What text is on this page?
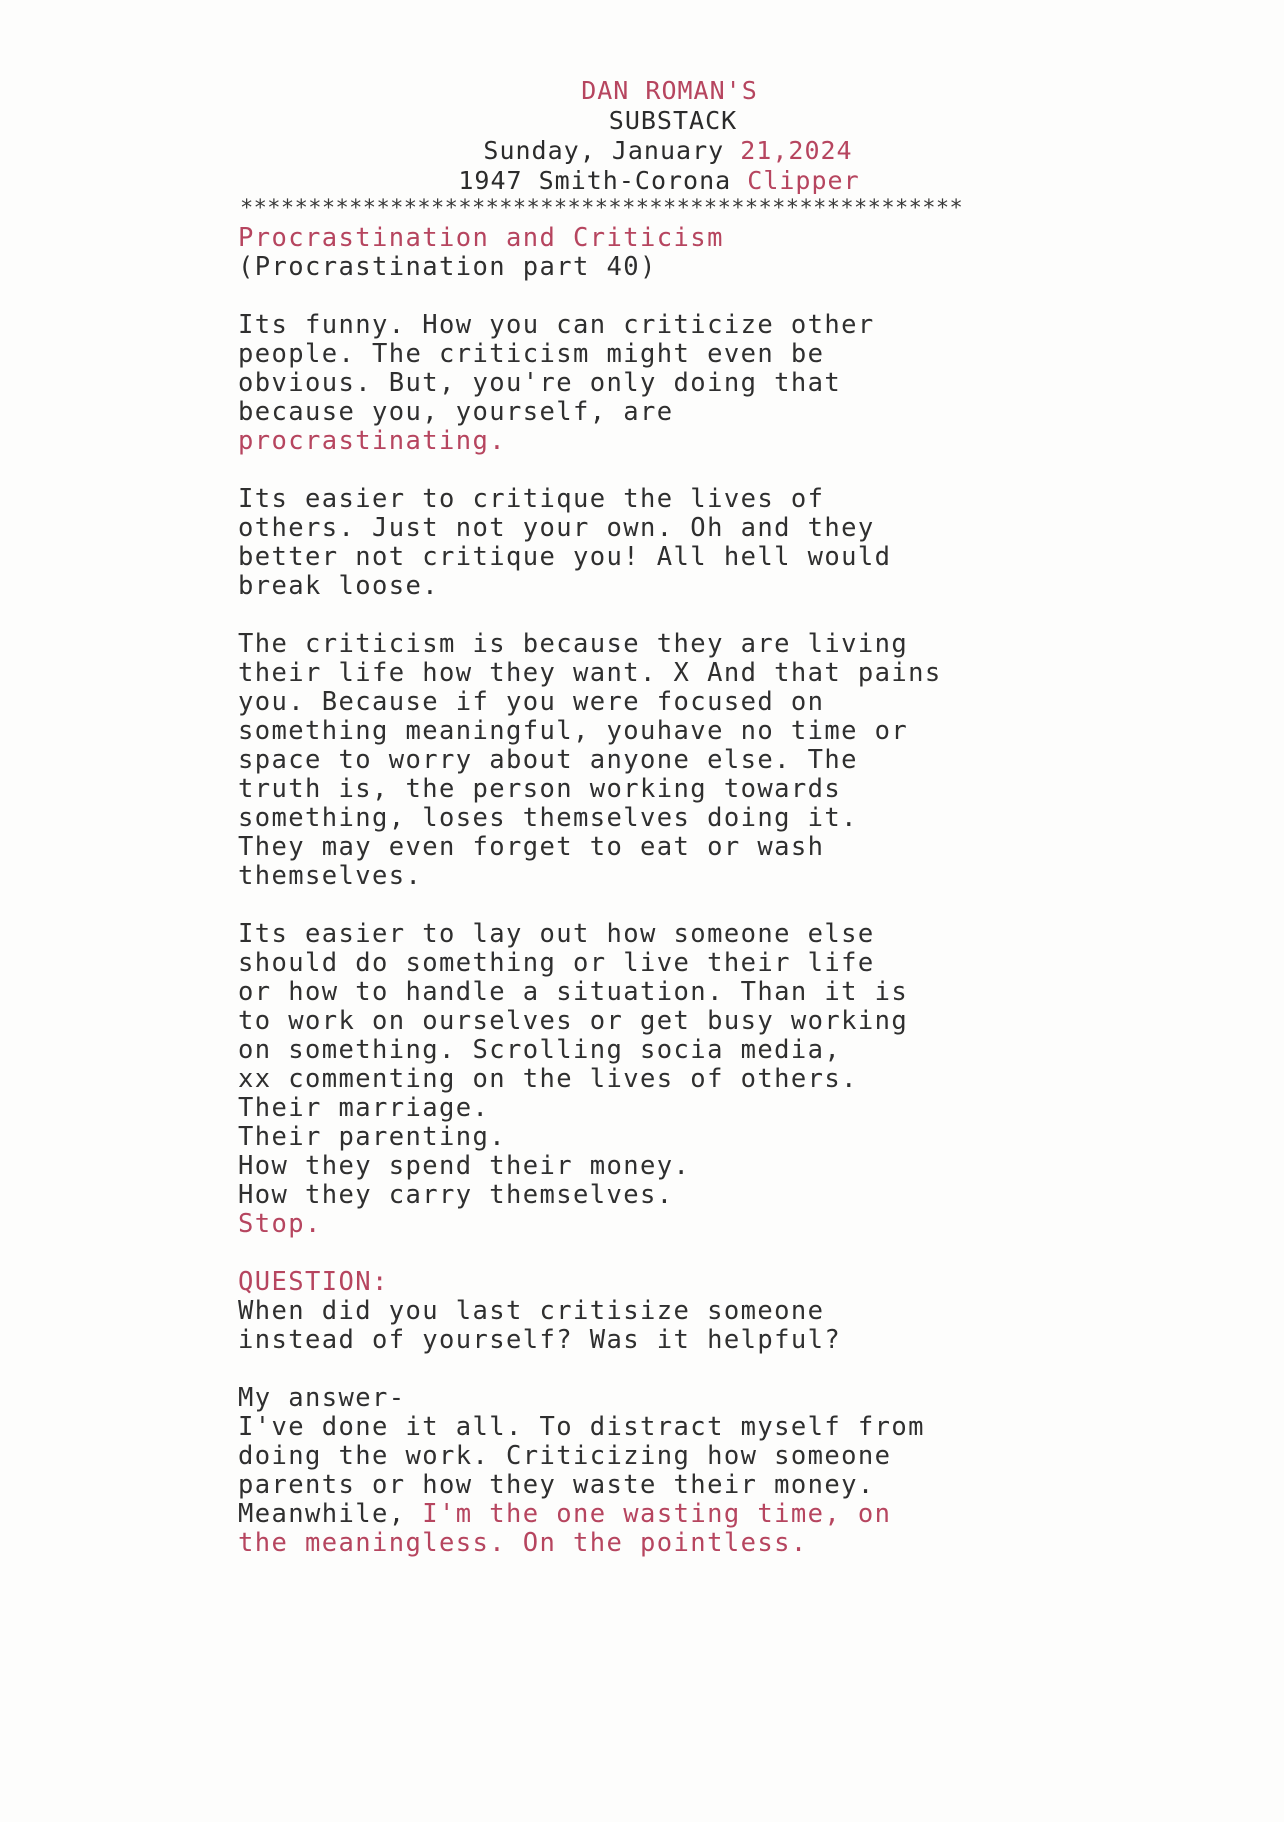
DAN ROMAN'S
SUBSTACK
Sunday, January 21,2024
1947 Smith-Corona Clipper
*****************************************************
Procrastination and Criticism
(Procrastination part 40)
Its funny. How you can criticize other
people. The criticism might even be
obvious. But, you're only doing that
because you, yourself, are
procrastinating.
Its easier to critique the lives of
others. Just not your own. Oh and they
better not critique you! All hell would
break loose.
The criticism is because they are living
their life how they want. X And that pains
you. Because if you were focused on
something meaningful, youhave no time or
space to worry about anyone else. The
truth is, the person working towards
something, loses themselves doing it.
They may even forget to eat or wash
themselves.
Its easier to lay out how someone else
should do something or live their life
or how to handle a situation. Than it is
to work on ourselves or get busy working
on something. Scrolling socia media,
xx commenting on the lives of others.
Their marriage.
Their parenting.
How they spend their money.
How they carry themselves.
Stop.
QUESTION:
When did you last critisize someone
instead of yourself? Was it helpful?
My answer-
I've done it all. To distract myself from
doing the work. Criticizing how someone
parents or how they waste their money.
Meanwhile, I'm the one wasting time, on
the meaningless. On the pointless.
